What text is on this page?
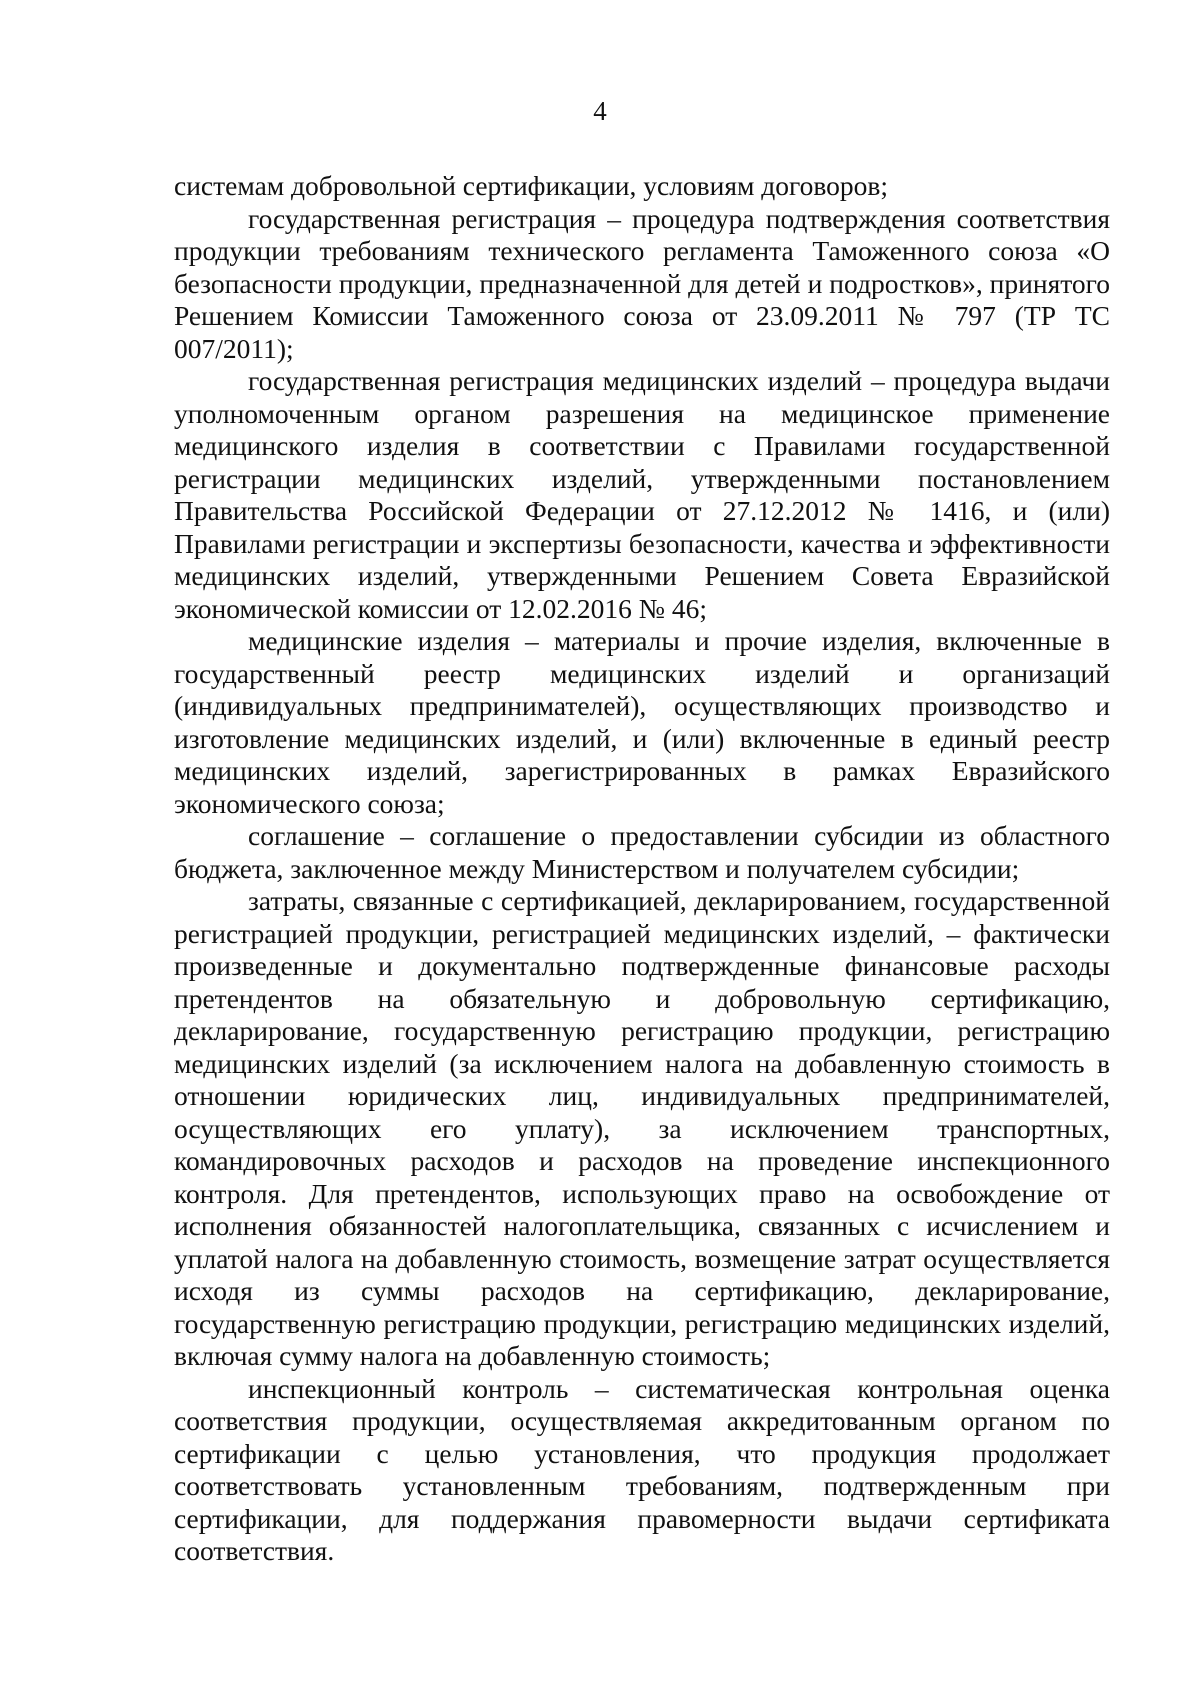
4

системам добровольной сертификации, условиям договоров;

государственная регистрация – процедура подтверждения соответствия продукции требованиям технического регламента Таможенного союза «О безопасности продукции, предназначенной для детей и подростков», принятого Решением Комиссии Таможенного союза от 23.09.2011 № 797 (ТР ТС 007/2011);

государственная регистрация медицинских изделий – процедура выдачи уполномоченным органом разрешения на медицинское применение медицинского изделия в соответствии с Правилами государственной регистрации медицинских изделий, утвержденными постановлением Правительства Российской Федерации от 27.12.2012 № 1416, и (или) Правилами регистрации и экспертизы безопасности, качества и эффективности медицинских изделий, утвержденными Решением Совета Евразийской экономической комиссии от 12.02.2016 № 46;

медицинские изделия – материалы и прочие изделия, включенные в государственный реестр медицинских изделий и организаций (индивидуальных предпринимателей), осуществляющих производство и изготовление медицинских изделий, и (или) включенные в единый реестр медицинских изделий, зарегистрированных в рамках Евразийского экономического союза;

соглашение – соглашение о предоставлении субсидии из областного бюджета, заключенное между Министерством и получателем субсидии;

затраты, связанные с сертификацией, декларированием, государственной регистрацией продукции, регистрацией медицинских изделий, – фактически произведенные и документально подтвержденные финансовые расходы претендентов на обязательную и добровольную сертификацию, декларирование, государственную регистрацию продукции, регистрацию медицинских изделий (за исключением налога на добавленную стоимость в отношении юридических лиц, индивидуальных предпринимателей, осуществляющих его уплату), за исключением транспортных, командировочных расходов и расходов на проведение инспекционного контроля. Для претендентов, использующих право на освобождение от исполнения обязанностей налогоплательщика, связанных с исчислением и уплатой налога на добавленную стоимость, возмещение затрат осуществляется исходя из суммы расходов на сертификацию, декларирование, государственную регистрацию продукции, регистрацию медицинских изделий, включая сумму налога на добавленную стоимость;

инспекционный контроль – систематическая контрольная оценка соответствия продукции, осуществляемая аккредитованным органом по сертификации с целью установления, что продукция продолжает соответствовать установленным требованиям, подтвержденным при сертификации, для поддержания правомерности выдачи сертификата соответствия.
